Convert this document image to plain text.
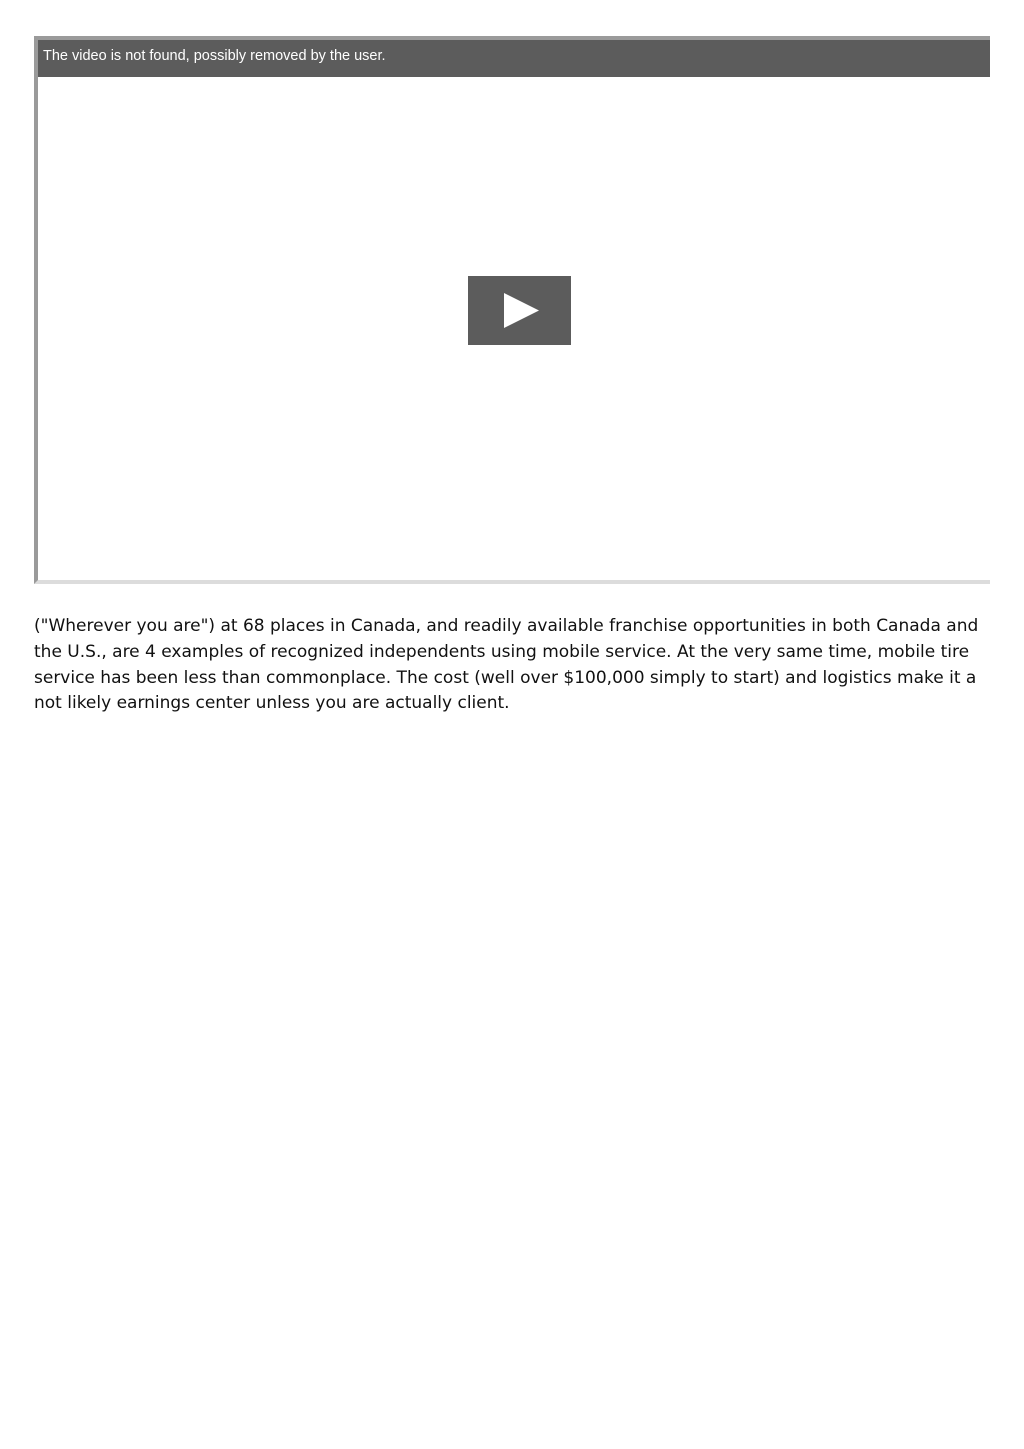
The video is not found, possibly removed by the user.

("Wherever you are") at 68 places in Canada, and readily available franchise opportunities in both Canada and the U.S., are 4 examples of recognized independents using mobile service. At the very same time, mobile tire service has been less than commonplace. The cost (well over $100,000 simply to start) and logistics make it a not likely earnings center unless you are actually client.
